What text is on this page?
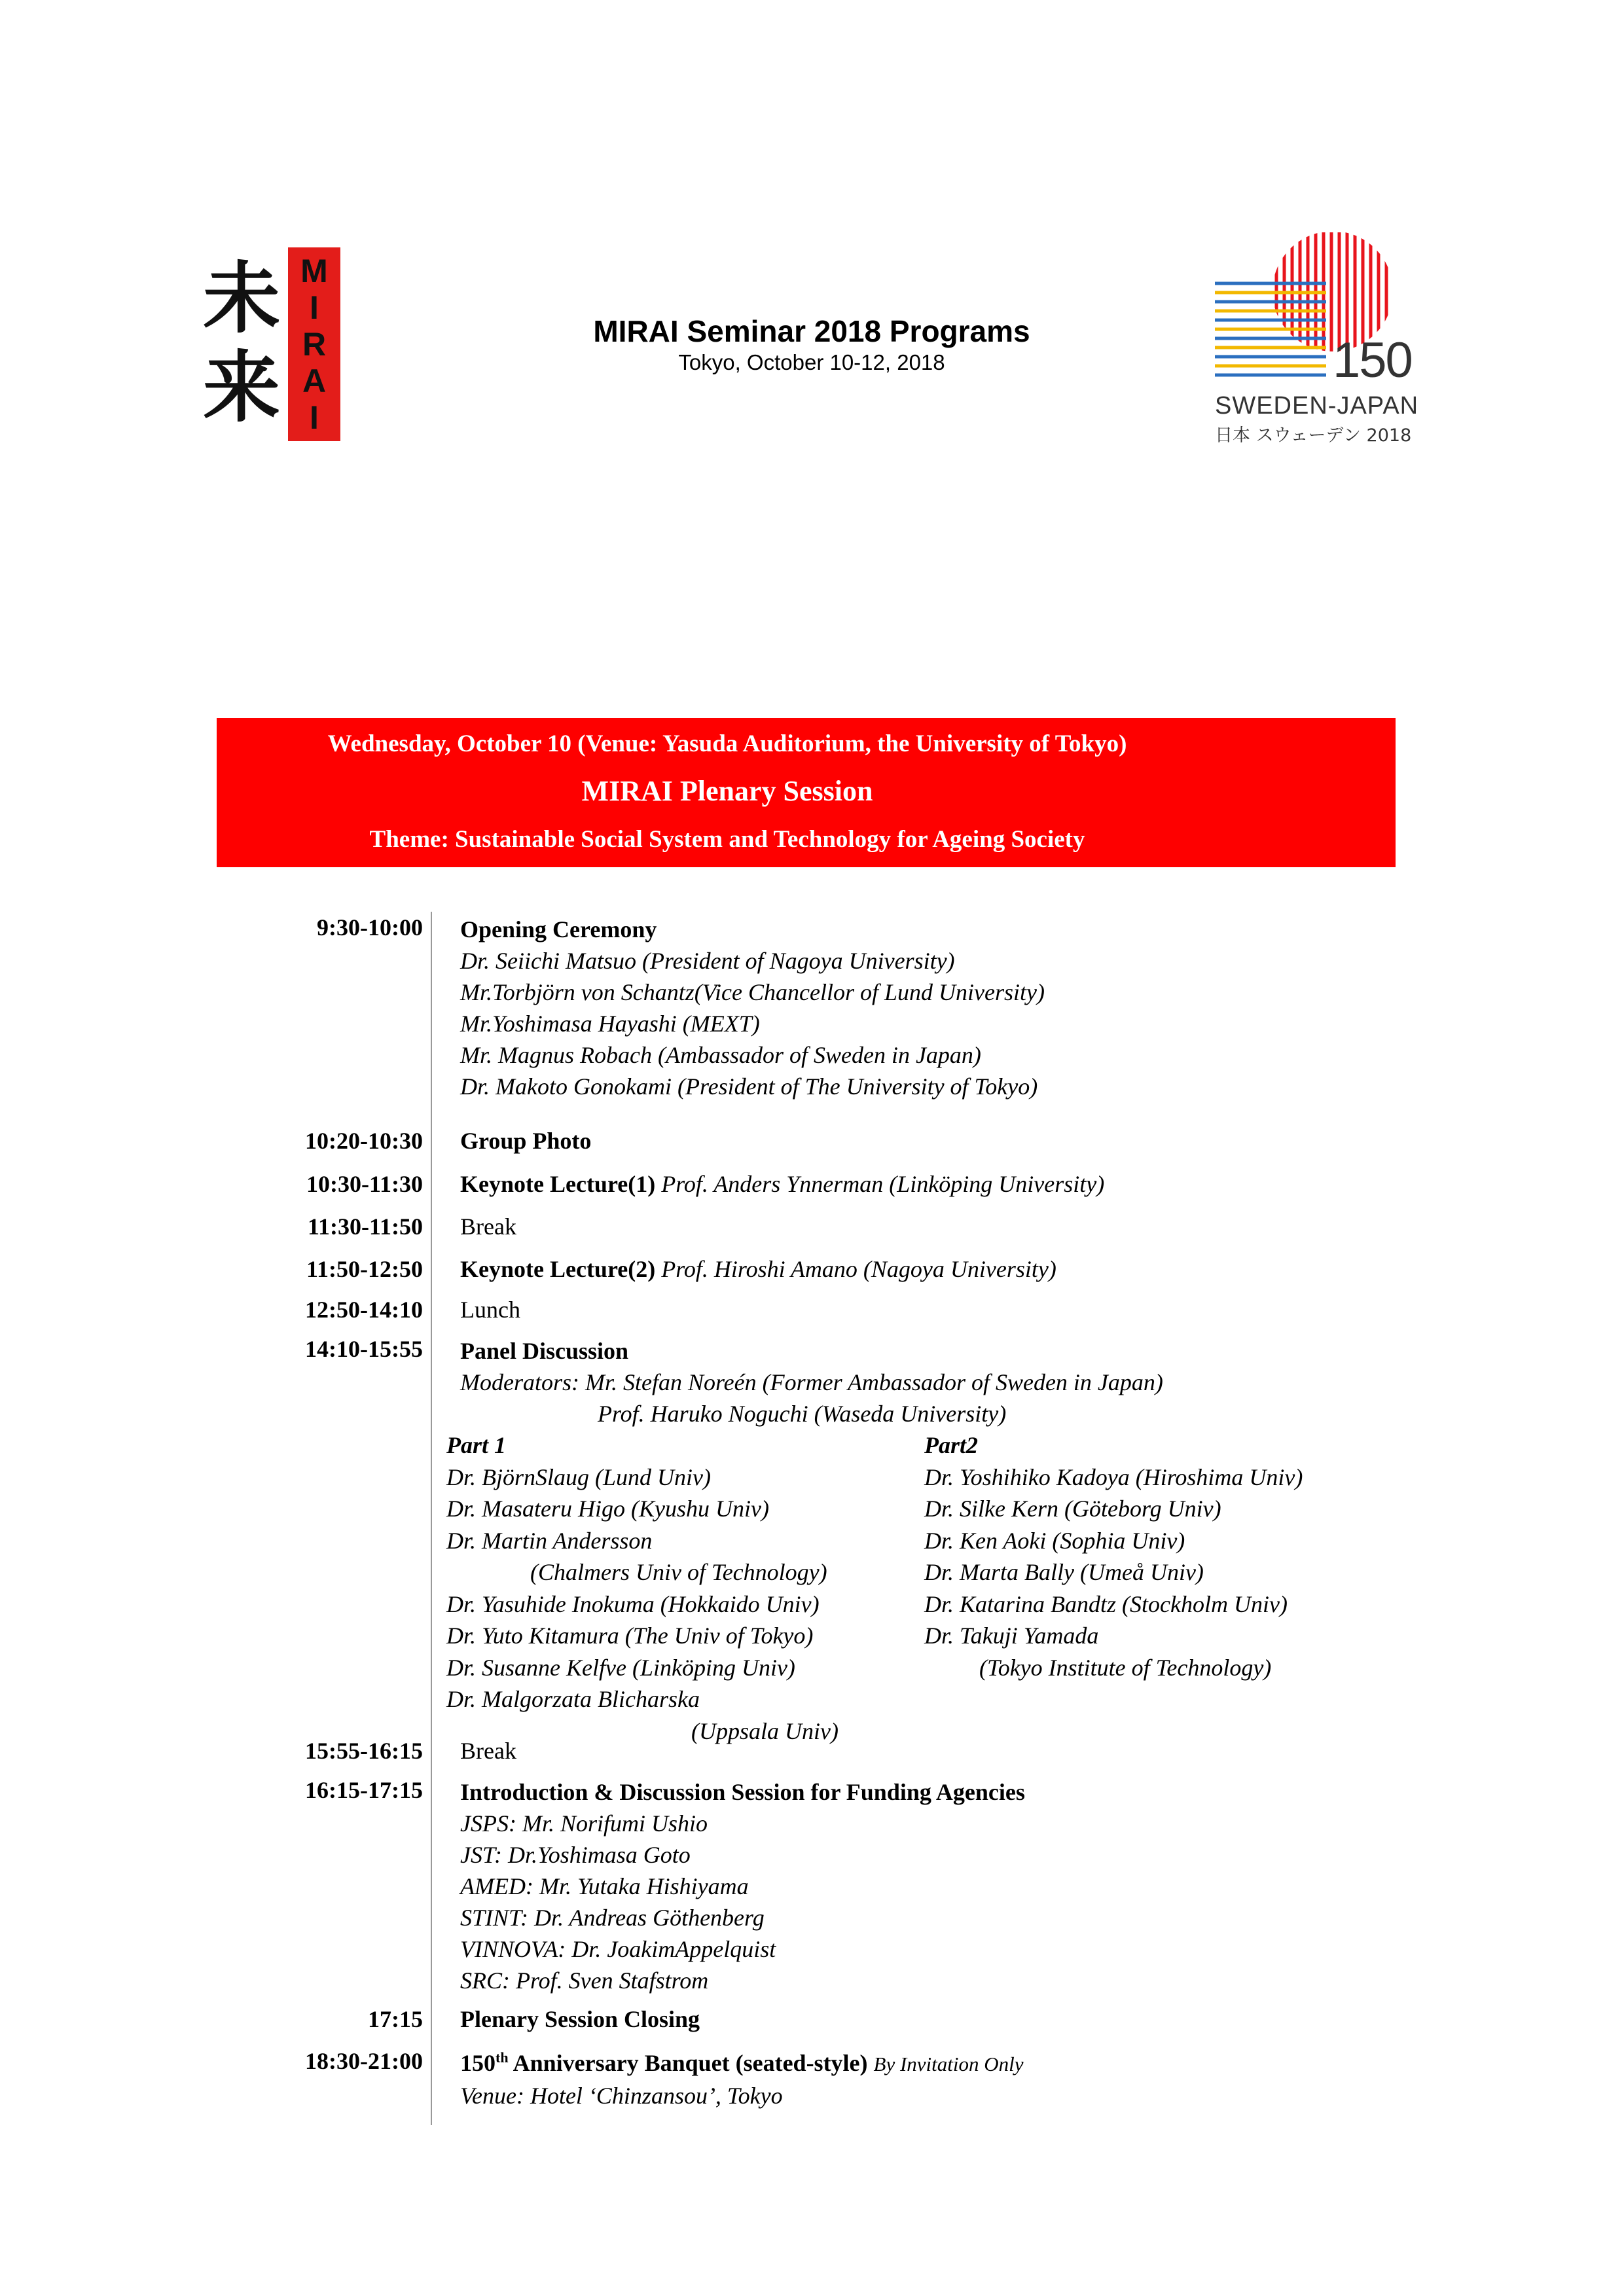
未
来
M
I
R
A
I
MIRAI Seminar 2018 Programs
Tokyo, October 10-12, 2018	150
SWEDEN-JAPAN
日本 スウェーデン 2018
Wednesday, October 10 (Venue: Yasuda Auditorium, the University of Tokyo)
MIRAI Plenary Session
Theme: Sustainable Social System and Technology for Ageing Society
9:30-10:00 Opening Ceremony
Dr. Seiichi Matsuo (President of Nagoya University)
Mr.Torbjörn von Schantz(Vice Chancellor of Lund University)
Mr.Yoshimasa Hayashi (MEXT)
Mr. Magnus Robach (Ambassador of Sweden in Japan)
Dr. Makoto Gonokami (President of The University of Tokyo)
10:20-10:30 Group Photo
10:30-11:30 Keynote Lecture(1) Prof. Anders Ynnerman (Linköping University)
11:30-11:50 Break
11:50-12:50 Keynote Lecture(2) Prof. Hiroshi Amano (Nagoya University)
12:50-14:10 Lunch
14:10-15:55 Panel Discussion
Moderators: Mr. Stefan Noreén (Former Ambassador of Sweden in Japan)
Prof. Haruko Noguchi (Waseda University)
Part 1
Dr. BjörnSlaug (Lund Univ)
Dr. Masateru Higo (Kyushu Univ)
Dr. Martin Andersson
(Chalmers Univ of Technology)
Dr. Yasuhide Inokuma (Hokkaido Univ)
Dr. Yuto Kitamura (The Univ of Tokyo)
Dr. Susanne Kelfve (Linköping Univ)
Dr. Malgorzata Blicharska
(Uppsala Univ)
Part2
Dr. Yoshihiko Kadoya (Hiroshima Univ)
Dr. Silke Kern (Göteborg Univ)
Dr. Ken Aoki (Sophia Univ)
Dr. Marta Bally (Umeå Univ)
Dr. Katarina Bandtz (Stockholm Univ)
Dr. Takuji Yamada
(Tokyo Institute of Technology)
15:55-16:15 Break
16:15-17:15 Introduction & Discussion Session for Funding Agencies
JSPS: Mr. Norifumi Ushio
JST: Dr.Yoshimasa Goto
AMED: Mr. Yutaka Hishiyama
STINT: Dr. Andreas Göthenberg
VINNOVA: Dr. JoakimAppelquist
SRC: Prof. Sven Stafstrom
17:15 Plenary Session Closing
18:30-21:00 150th Anniversary Banquet (seated-style) By Invitation Only
Venue: Hotel ‘Chinzansou’, Tokyo
